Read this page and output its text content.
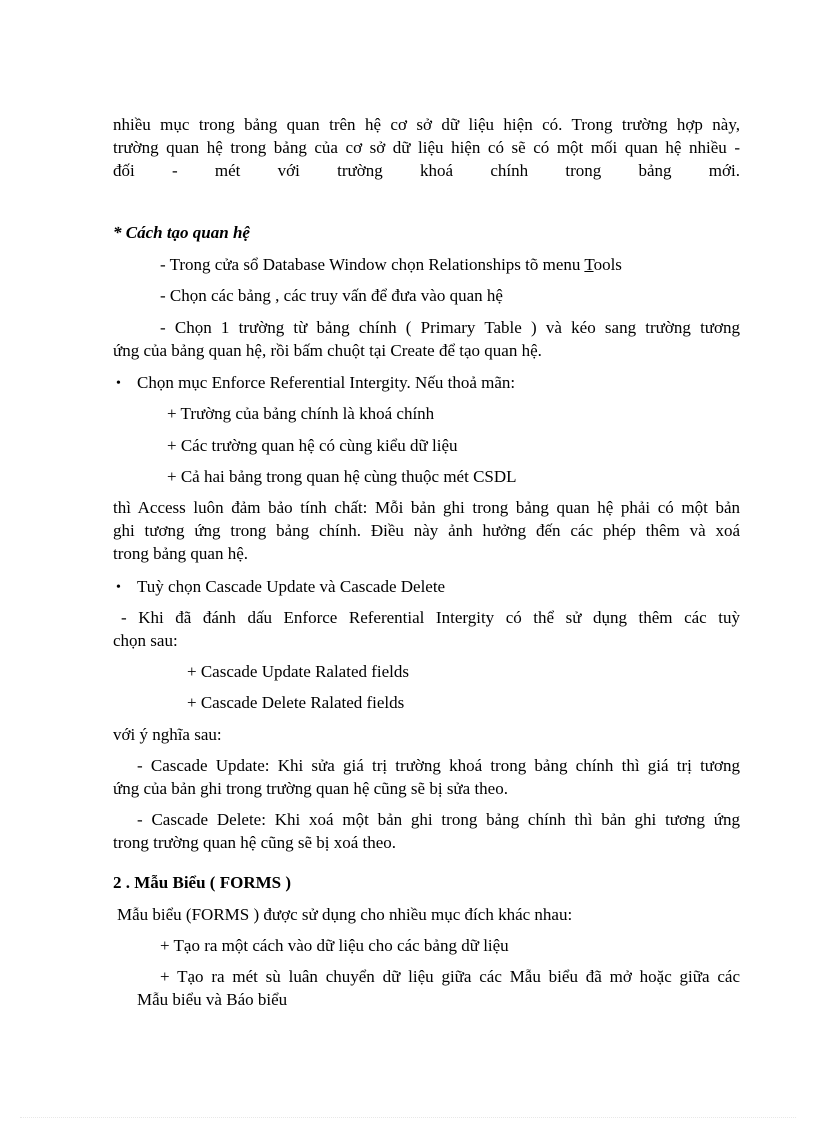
nhiều mục trong bảng quan trên hệ cơ sở dữ liệu hiện có. Trong trường hợp này,
trường quan hệ trong bảng của cơ sở dữ liệu hiện có sẽ có một mối quan hệ nhiều -
đối - mét với trường khoá chính trong bảng mới.
* Cách tạo quan hệ
- Trong cửa sổ Database Window chọn Relationships tõ menu Tools
- Chọn các bảng , các truy vấn để đưa vào quan hệ
- Chọn 1 trường từ bảng chính ( Primary Table ) và kéo sang trường tương
ứng của bảng quan hệ, rồi bấm chuột tại Create để tạo quan hệ.
• Chọn mục Enforce Referential Intergity. Nếu thoả mãn:
+ Trường của bảng chính là khoá chính
+ Các trường quan hệ có cùng kiểu dữ liệu
+ Cả hai bảng trong quan hệ cùng thuộc mét CSDL
thì Access luôn đảm bảo tính chất: Mỗi bản ghi trong bảng quan hệ phải có một bản
ghi tương ứng trong bảng chính. Điều này ảnh hưởng đến các phép thêm và xoá
trong bảng quan hệ.
• Tuỳ chọn Cascade Update và Cascade Delete
- Khi đã đánh dấu Enforce Referential Intergity có thể sử dụng thêm các tuỳ
chọn sau:
+ Cascade Update Ralated fields
+ Cascade Delete Ralated fields
với ý nghĩa sau:
- Cascade Update: Khi sửa giá trị trường khoá trong bảng chính thì giá trị tương
ứng của bản ghi trong trường quan hệ cũng sẽ bị sửa theo.
- Cascade Delete: Khi xoá một bản ghi trong bảng chính thì bản ghi tương ứng
trong trường quan hệ cũng sẽ bị xoá theo.
2 . Mẫu Biểu ( FORMS )
Mẫu biểu (FORMS ) được sử dụng cho nhiều mục đích khác nhau:
+ Tạo ra một cách vào dữ liệu cho các bảng dữ liệu
+ Tạo ra mét sù luân chuyển dữ liệu giữa các Mẫu biểu đã mở hoặc giữa các
Mẫu biểu và Báo biểu
